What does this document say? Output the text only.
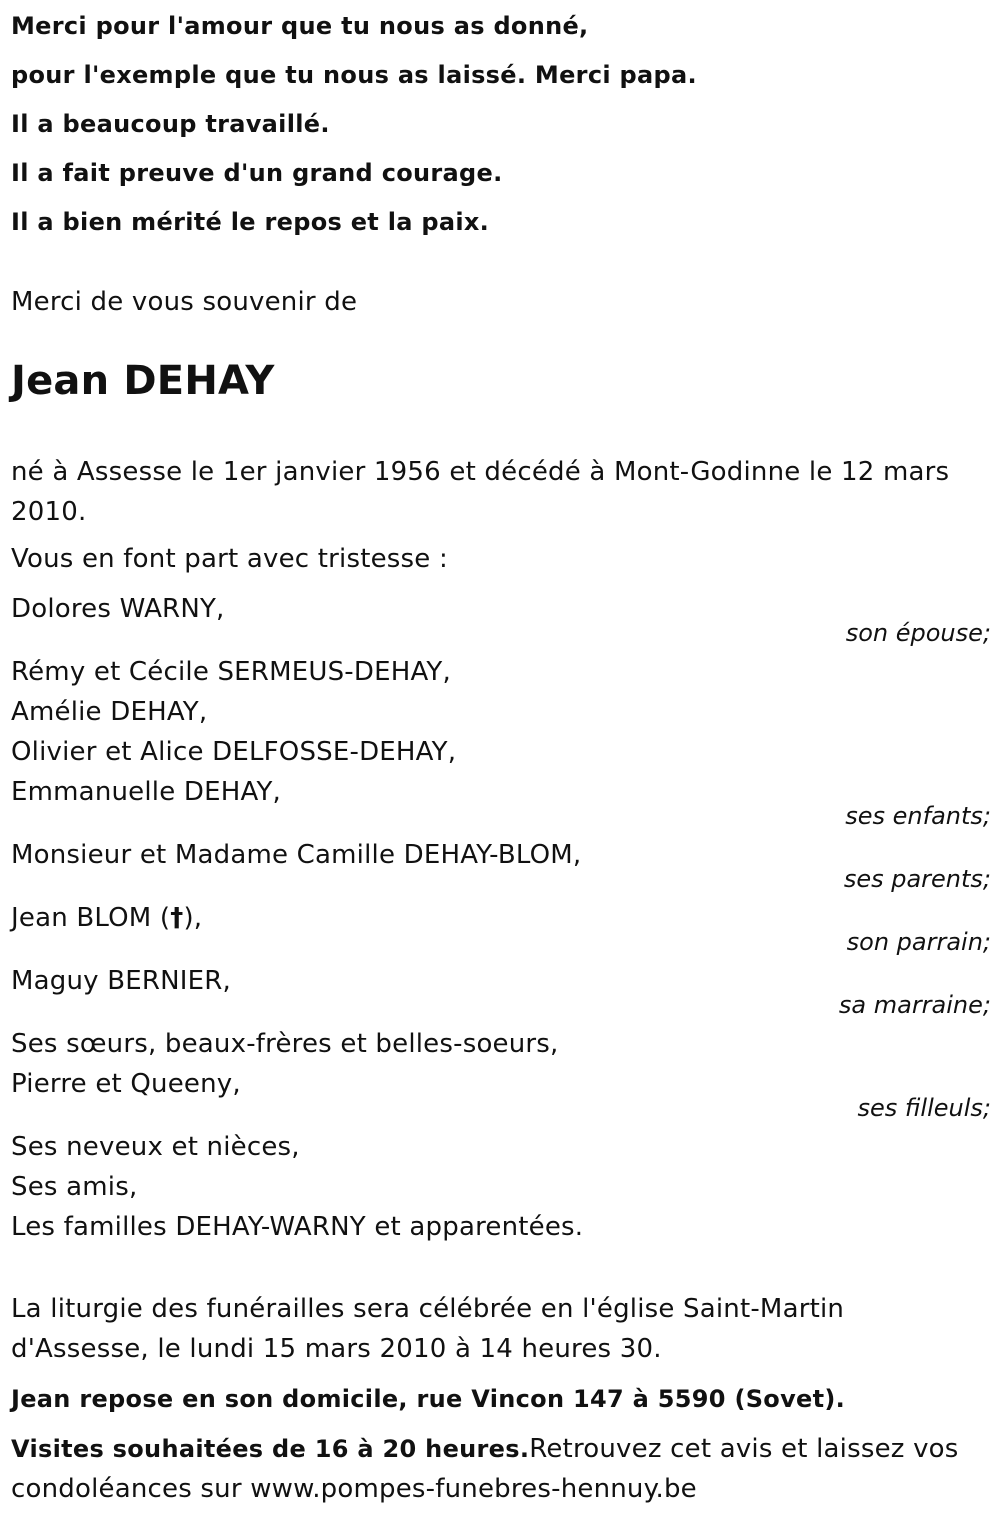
Merci pour l'amour que tu nous as donné,
pour l'exemple que tu nous as laissé. Merci papa.
Il a beaucoup travaillé.
Il a fait preuve d'un grand courage.
Il a bien mérité le repos et la paix.
Merci de vous souvenir de
Jean DEHAY
né à Assesse le 1er janvier 1956 et décédé à Mont-Godinne le 12 mars 2010.
Vous en font part avec tristesse :
Dolores WARNY,
son épouse;
Rémy et Cécile SERMEUS-DEHAY,
Amélie DEHAY,
Olivier et Alice DELFOSSE-DEHAY,
Emmanuelle DEHAY,
ses enfants;
Monsieur et Madame Camille DEHAY-BLOM,
ses parents;
Jean BLOM (†),
son parrain;
Maguy BERNIER,
sa marraine;
Ses sœurs, beaux-frères et belles-soeurs,
Pierre et Queeny,
ses filleuls;
Ses neveux et nièces,
Ses amis,
Les familles DEHAY-WARNY et apparentées.
La liturgie des funérailles sera célébrée en l'église Saint-Martin d'Assesse, le lundi 15 mars 2010 à 14 heures 30.
Jean repose en son domicile, rue Vincon 147 à 5590 (Sovet).
Visites souhaitées de 16 à 20 heures.Retrouvez cet avis et laissez vos condoléances sur www.pompes-funebres-hennuy.be
